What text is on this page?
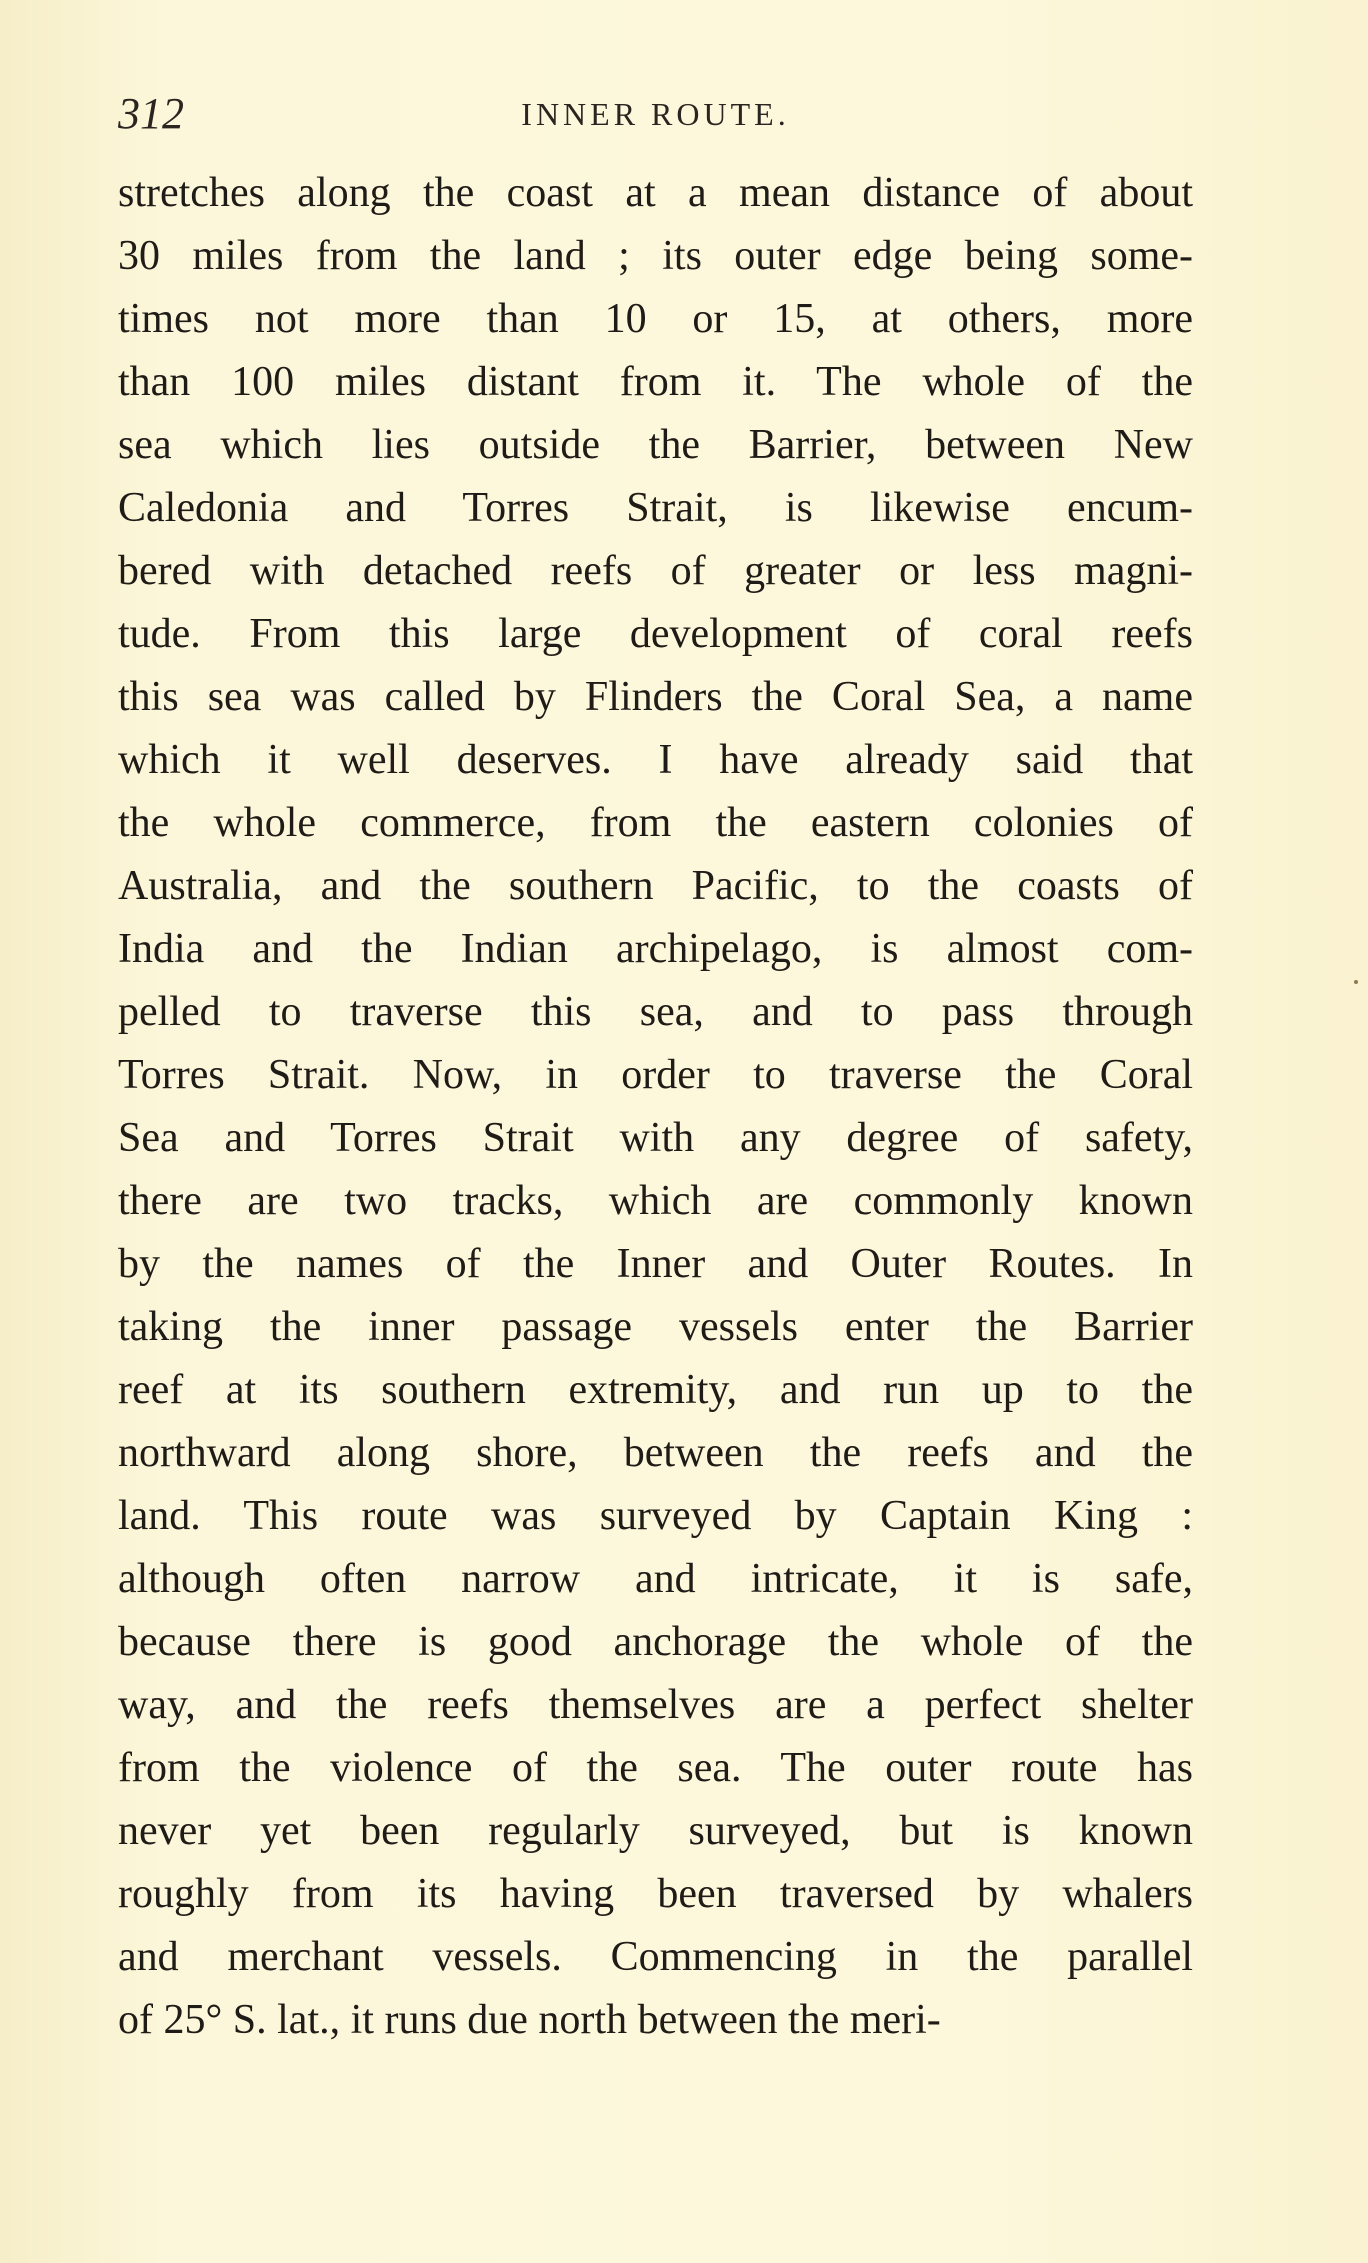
312	INNER ROUTE.
stretches along the coast at a mean distance of about
30 miles from the land ; its outer edge being some-
times not more than 10 or 15, at others, more
than 100 miles distant from it. The whole of the
sea which lies outside the Barrier, between New
Caledonia and Torres Strait, is likewise encum-
bered with detached reefs of greater or less magni-
tude. From this large development of coral reefs
this sea was called by Flinders the Coral Sea, a name
which it well deserves. I have already said that
the whole commerce, from the eastern colonies of
Australia, and the southern Pacific, to the coasts of
India and the Indian archipelago, is almost com-
pelled to traverse this sea, and to pass through
Torres Strait. Now, in order to traverse the Coral
Sea and Torres Strait with any degree of safety,
there are two tracks, which are commonly known
by the names of the Inner and Outer Routes. In
taking the inner passage vessels enter the Barrier
reef at its southern extremity, and run up to the
northward along shore, between the reefs and the
land. This route was surveyed by Captain King :
although often narrow and intricate, it is safe,
because there is good anchorage the whole of the
way, and the reefs themselves are a perfect shelter
from the violence of the sea. The outer route has
never yet been regularly surveyed, but is known
roughly from its having been traversed by whalers
and merchant vessels. Commencing in the parallel
of 25° S. lat., it runs due north between the meri-
